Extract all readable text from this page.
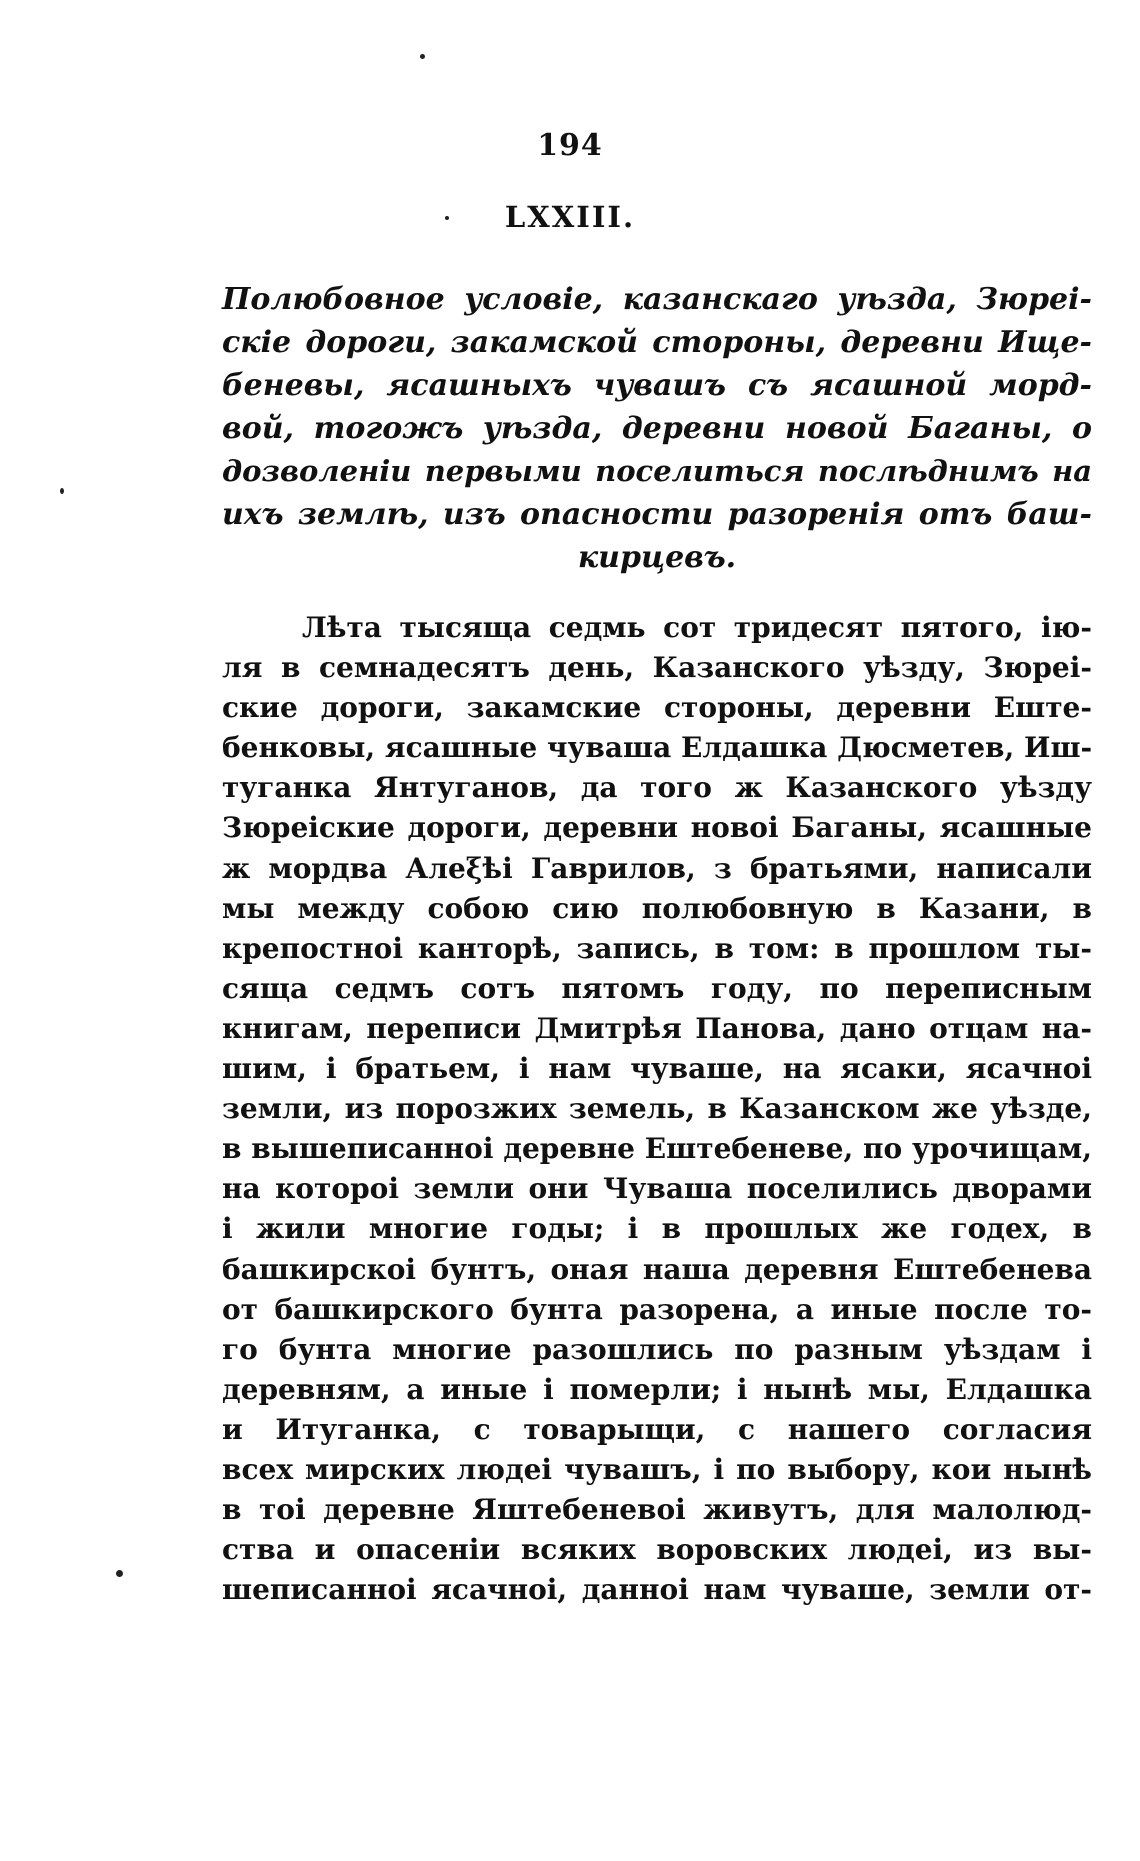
194
LXXIII.
Полюбовное условіе, казанскаго уѣзда, Зюреі-
скіе дороги, закамской стороны, деревни Ище-
беневы, ясашныхъ чувашъ съ ясашной морд-
вой, тогожъ уѣзда, деревни новой Баганы, о
дозволеніи первыми поселиться послѣднимъ на
ихъ землѣ, изъ опасности разоренія отъ баш-
кирцевъ.
Лѣта тысяща седмь сот тридесят пятого, ію-
ля в семнадесятъ день, Казанского уѣзду, Зюреі-
ские дороги, закамские стороны, деревни Ештe-
бенковы, ясашные чуваша Елдашка Дюсметев, Иш-
туганка Янтуганов, да того ж Казанского уѣзду
Зюреіские дороги, деревни новоі Баганы, ясашные
ж мордва Алеξѣі Гаврилов, з братьями, написали
мы между собою сию полюбовную в Казани, в
крепостноі канторѣ, запись, в том: в прошлом ты-
сяща седмъ сотъ пятомъ году, по переписным
книгам, переписи Дмитрѣя Панова, дано отцам на-
шим, і братьем, і нам чуваше, на ясаки, ясачноі
земли, из порозжих земель, в Казанском же уѣзде,
в вышеписанноі деревне Ештебеневе, по урочищам,
на которoі земли они Чуваша поселились дворами
і жили многие годы; і в прошлых же годех, в
башкирскоі бунтъ, оная наша деревня Ештебенева
от башкирского бунта разорена, а иные после то-
го бунта многие разошлись по разным уѣздам і
деревням, а иные і померли; і нынѣ мы, Елдашка
и Итуганка, с товарыщи, с нашего согласия
всех мирских людеі чувашъ, і по выбору, кои нынѣ
в тоі деревне Яштебеневоі живутъ, для малолюд-
ства и опасенiи всяких воровских людеі, из вы-
шеписанноі ясачноі, данноі нам чуваше, земли от-
